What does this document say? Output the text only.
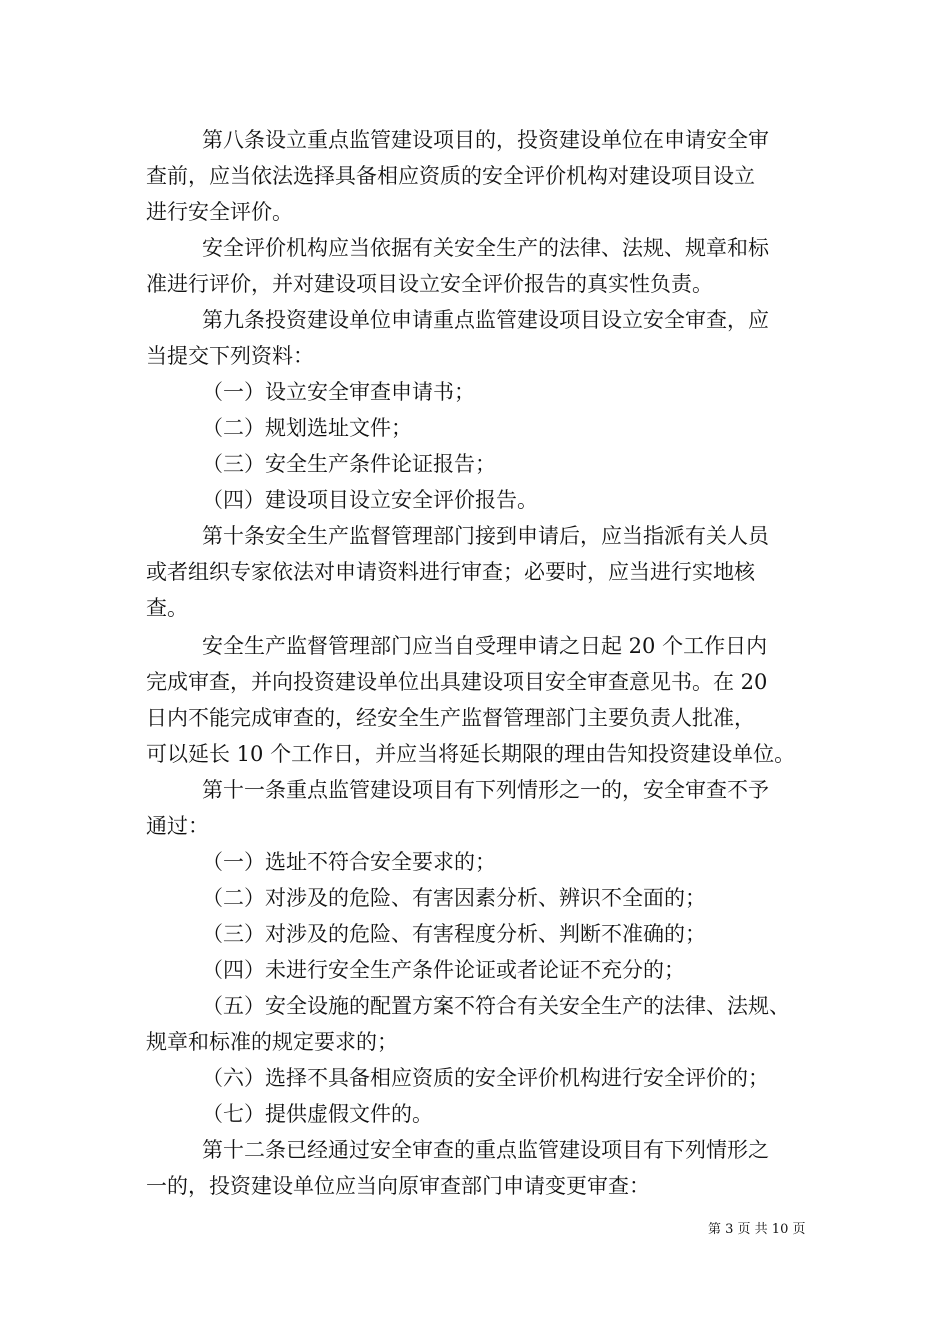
第八条设立重点监管建设项目的，投资建设单位在申请安全审
查前，应当依法选择具备相应资质的安全评价机构对建设项目设立
进行安全评价。
安全评价机构应当依据有关安全生产的法律、法规、规章和标
准进行评价，并对建设项目设立安全评价报告的真实性负责。
第九条投资建设单位申请重点监管建设项目设立安全审查，应
当提交下列资料：
（一）设立安全审查申请书；
（二）规划选址文件；
（三）安全生产条件论证报告；
（四）建设项目设立安全评价报告。
第十条安全生产监督管理部门接到申请后，应当指派有关人员
或者组织专家依法对申请资料进行审查；必要时，应当进行实地核
查。
安全生产监督管理部门应当自受理申请之日起 20 个工作日内
完成审查，并向投资建设单位出具建设项目安全审查意见书。在 20
日内不能完成审查的，经安全生产监督管理部门主要负责人批准，
可以延长 10 个工作日，并应当将延长期限的理由告知投资建设单位。
第十一条重点监管建设项目有下列情形之一的，安全审查不予
通过：
（一）选址不符合安全要求的；
（二）对涉及的危险、有害因素分析、辨识不全面的；
（三）对涉及的危险、有害程度分析、判断不准确的；
（四）未进行安全生产条件论证或者论证不充分的；
（五）安全设施的配置方案不符合有关安全生产的法律、法规、
规章和标准的规定要求的；
（六）选择不具备相应资质的安全评价机构进行安全评价的；
（七）提供虚假文件的。
第十二条已经通过安全审查的重点监管建设项目有下列情形之
一的，投资建设单位应当向原审查部门申请变更审查：
第 3 页 共 10 页
